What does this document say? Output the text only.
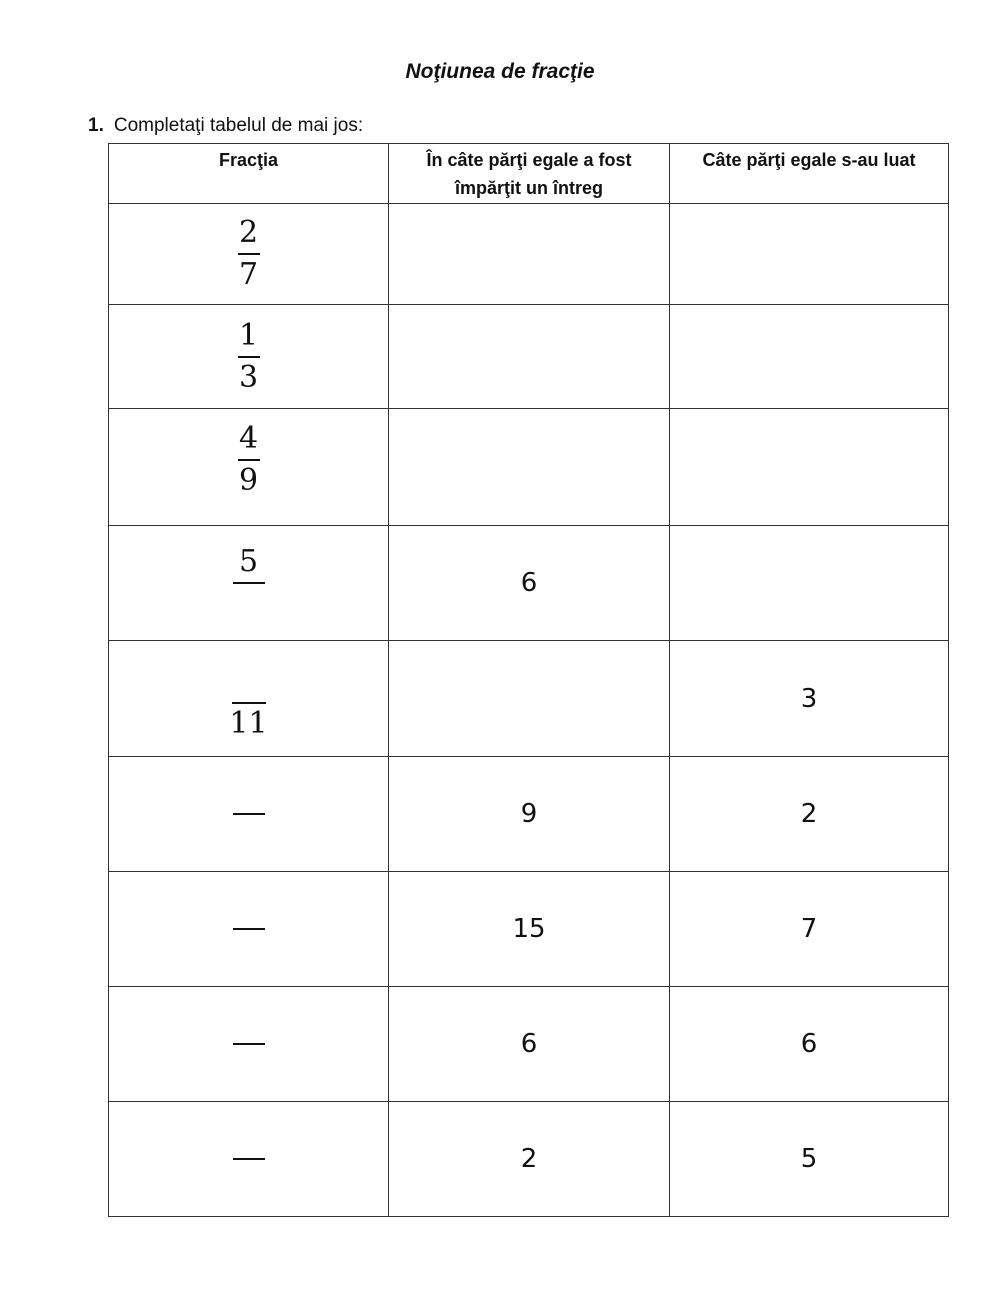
Noţiunea de fracţie
1. Completaţi tabelul de mai jos:
Fracţia	În câte părţi egale a fost împărţit un întreg	Câte părţi egale s-au luat

$\frac{2}{7}$

$\frac{1}{3}$

$\frac{4}{9}$

5	6	

11		3

	9	2

	15	7

	6	6

	2	5
